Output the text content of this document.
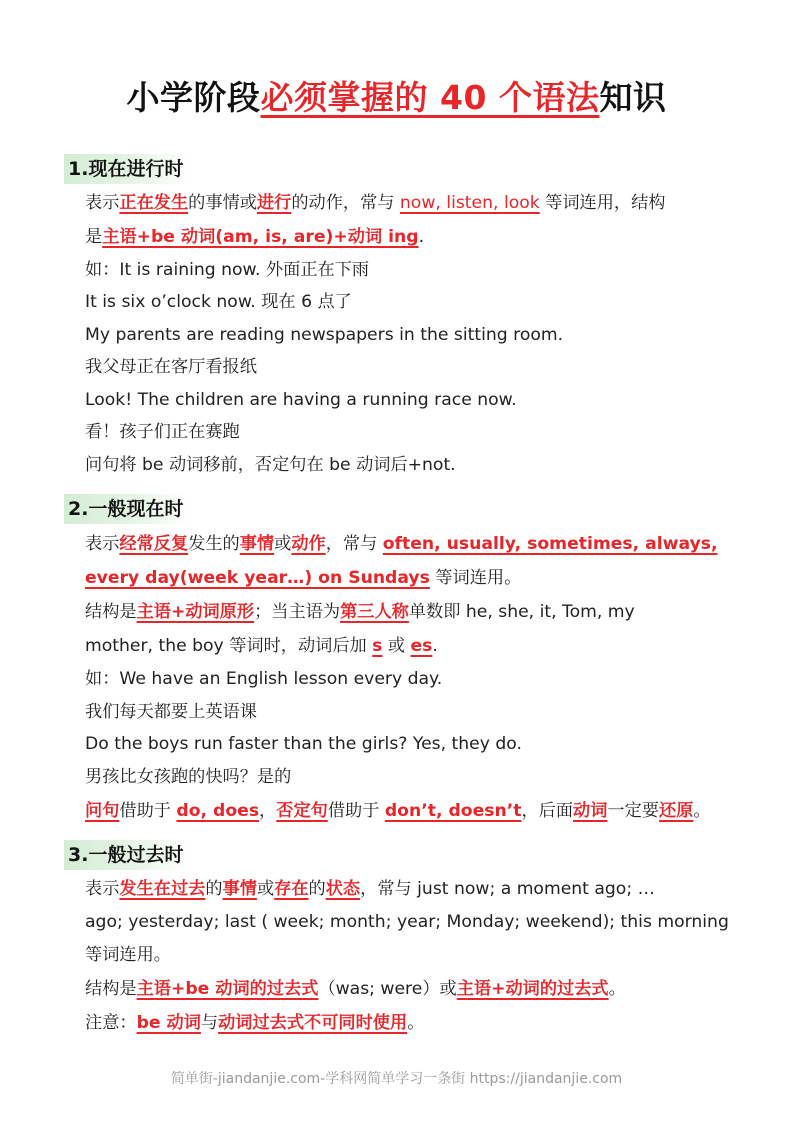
小学阶段必须掌握的 40 个语法知识
1.现在进行时
表示正在发生的事情或进行的动作，常与 now, listen, look 等词连用，结构
是主语+be 动词(am, is, are)+动词 ing.
如：It is raining now. 外面正在下雨
It is six o’clock now. 现在 6 点了
My parents are reading newspapers in the sitting room.
我父母正在客厅看报纸
Look! The children are having a running race now.
看！孩子们正在赛跑
问句将 be 动词移前，否定句在 be 动词后+not.
2.一般现在时
表示经常反复发生的事情或动作，常与 often, usually, sometimes, always,
every day(week year…) on Sundays 等词连用。
结构是主语+动词原形；当主语为第三人称单数即 he, she, it, Tom, my
mother, the boy 等词时，动词后加 s 或 es.
如：We have an English lesson every day.
我们每天都要上英语课
Do the boys run faster than the girls? Yes, they do.
男孩比女孩跑的快吗？是的
问句借助于 do, does，否定句借助于 don’t, doesn’t，后面动词一定要还原。
3.一般过去时
表示发生在过去的事情或存在的状态，常与 just now; a moment ago; …
ago; yesterday; last ( week; month; year; Monday; weekend); this morning
等词连用。
结构是主语+be 动词的过去式（was; were）或主语+动词的过去式。
注意：be 动词与动词过去式不可同时使用。
简单街-jiandanjie.com-学科网简单学习一条街 https://jiandanjie.com
